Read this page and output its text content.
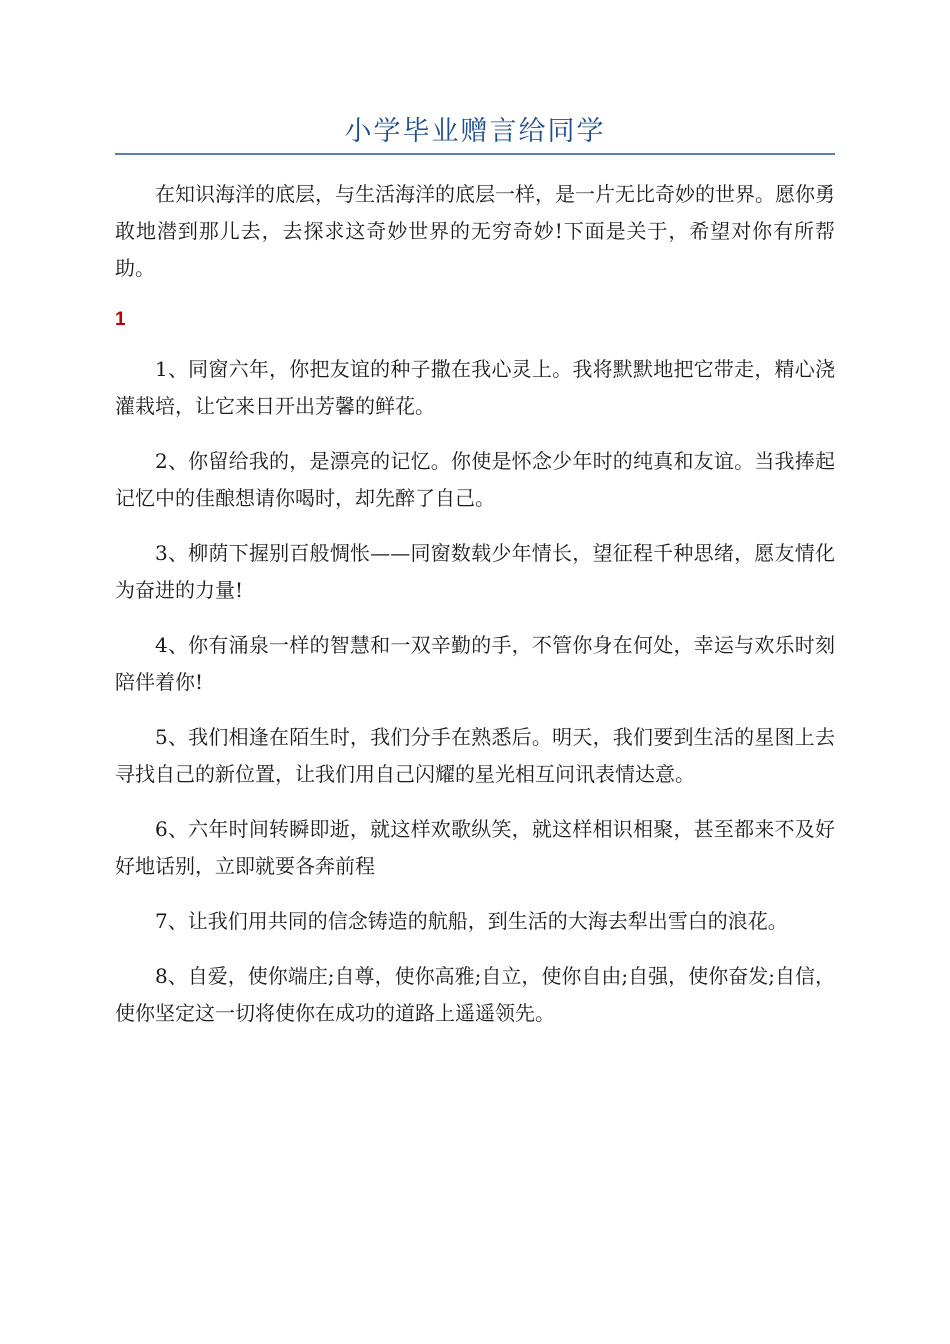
小学毕业赠言给同学

在知识海洋的底层，与生活海洋的底层一样，是一片无比奇妙的世界。愿你勇敢地潜到那儿去，去探求这奇妙世界的无穷奇妙!下面是关于，希望对你有所帮助。

1

1、同窗六年，你把友谊的种子撒在我心灵上。我将默默地把它带走，精心浇灌栽培，让它来日开出芳馨的鲜花。

2、你留给我的，是漂亮的记忆。你使是怀念少年时的纯真和友谊。当我捧起记忆中的佳酿想请你喝时，却先醉了自己。

3、柳荫下握别百般惆怅——同窗数载少年情长，望征程千种思绪，愿友情化为奋进的力量!

4、你有涌泉一样的智慧和一双辛勤的手，不管你身在何处，幸运与欢乐时刻陪伴着你!

5、我们相逢在陌生时，我们分手在熟悉后。明天，我们要到生活的星图上去寻找自己的新位置，让我们用自己闪耀的星光相互问讯表情达意。

6、六年时间转瞬即逝，就这样欢歌纵笑，就这样相识相聚，甚至都来不及好好地话别，立即就要各奔前程

7、让我们用共同的信念铸造的航船，到生活的大海去犁出雪白的浪花。

8、自爱，使你端庄;自尊，使你高雅;自立，使你自由;自强，使你奋发;自信，使你坚定这一切将使你在成功的道路上遥遥领先。
